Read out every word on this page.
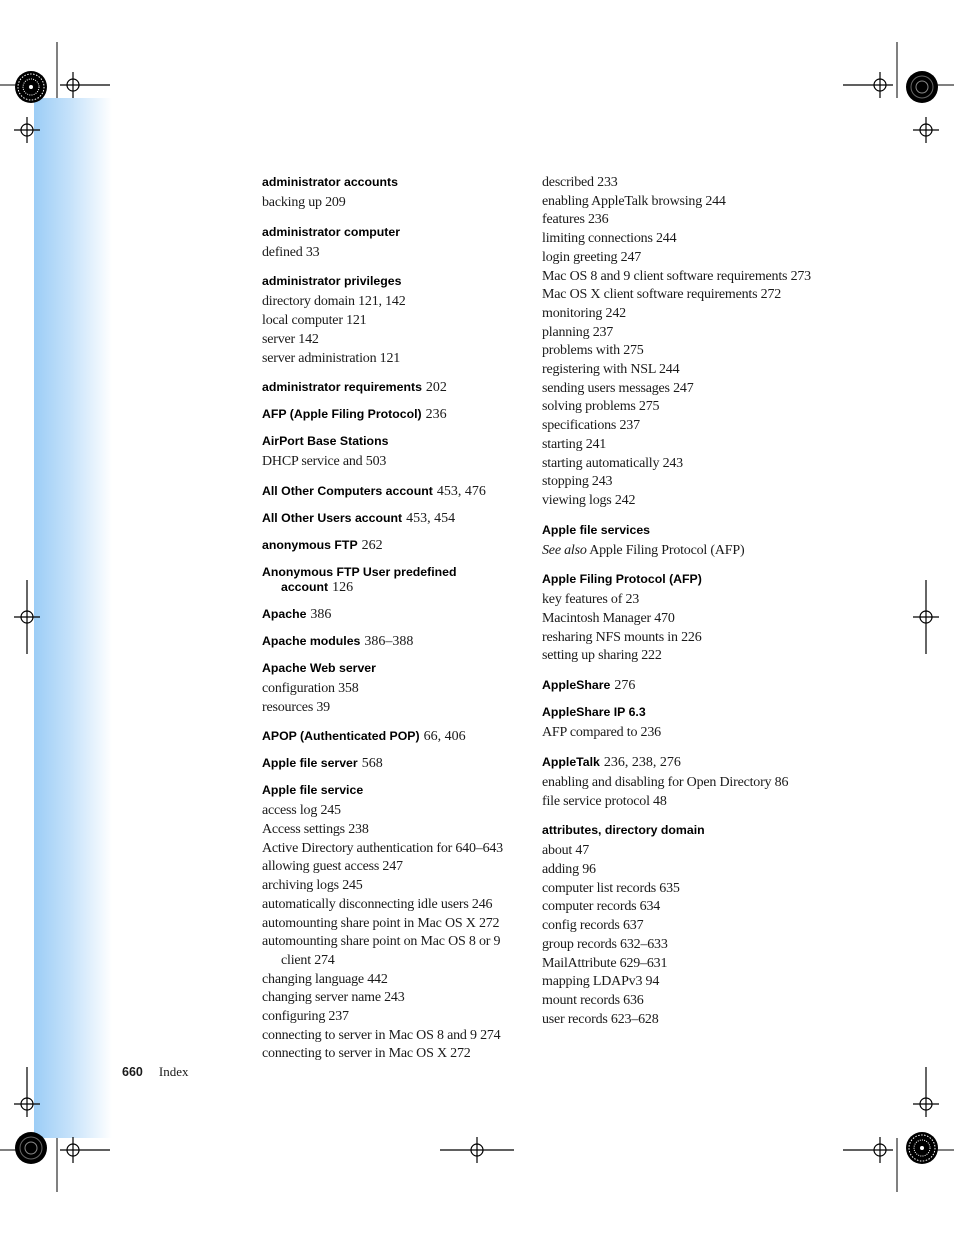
administrator accounts
backing up 209
administrator computer
defined 33
administrator privileges
directory domain 121, 142
local computer 121
server 142
server administration 121
administrator requirements 202
AFP (Apple Filing Protocol) 236
AirPort Base Stations
DHCP service and 503
All Other Computers account 453, 476
All Other Users account 453, 454
anonymous FTP 262
Anonymous FTP User predefined account 126
Apache 386
Apache modules 386–388
Apache Web server
configuration 358
resources 39
APOP (Authenticated POP) 66, 406
Apple file server 568
Apple file service
access log 245
Access settings 238
Active Directory authentication for 640–643
allowing guest access 247
archiving logs 245
automatically disconnecting idle users 246
automounting share point in Mac OS X 272
automounting share point on Mac OS 8 or 9 client 274
changing language 442
changing server name 243
configuring 237
connecting to server in Mac OS 8 and 9 274
connecting to server in Mac OS X 272
described 233
enabling AppleTalk browsing 244
features 236
limiting connections 244
login greeting 247
Mac OS 8 and 9 client software requirements 273
Mac OS X client software requirements 272
monitoring 242
planning 237
problems with 275
registering with NSL 244
sending users messages 247
solving problems 275
specifications 237
starting 241
starting automatically 243
stopping 243
viewing logs 242
Apple file services
See also Apple Filing Protocol (AFP)
Apple Filing Protocol (AFP)
key features of 23
Macintosh Manager 470
resharing NFS mounts in 226
setting up sharing 222
AppleShare 276
AppleShare IP 6.3
AFP compared to 236
AppleTalk 236, 238, 276
enabling and disabling for Open Directory 86
file service protocol 48
attributes, directory domain
about 47
adding 96
computer list records 635
computer records 634
config records 637
group records 632–633
MailAttribute 629–631
mapping LDAPv3 94
mount records 636
user records 623–628
660 Index
